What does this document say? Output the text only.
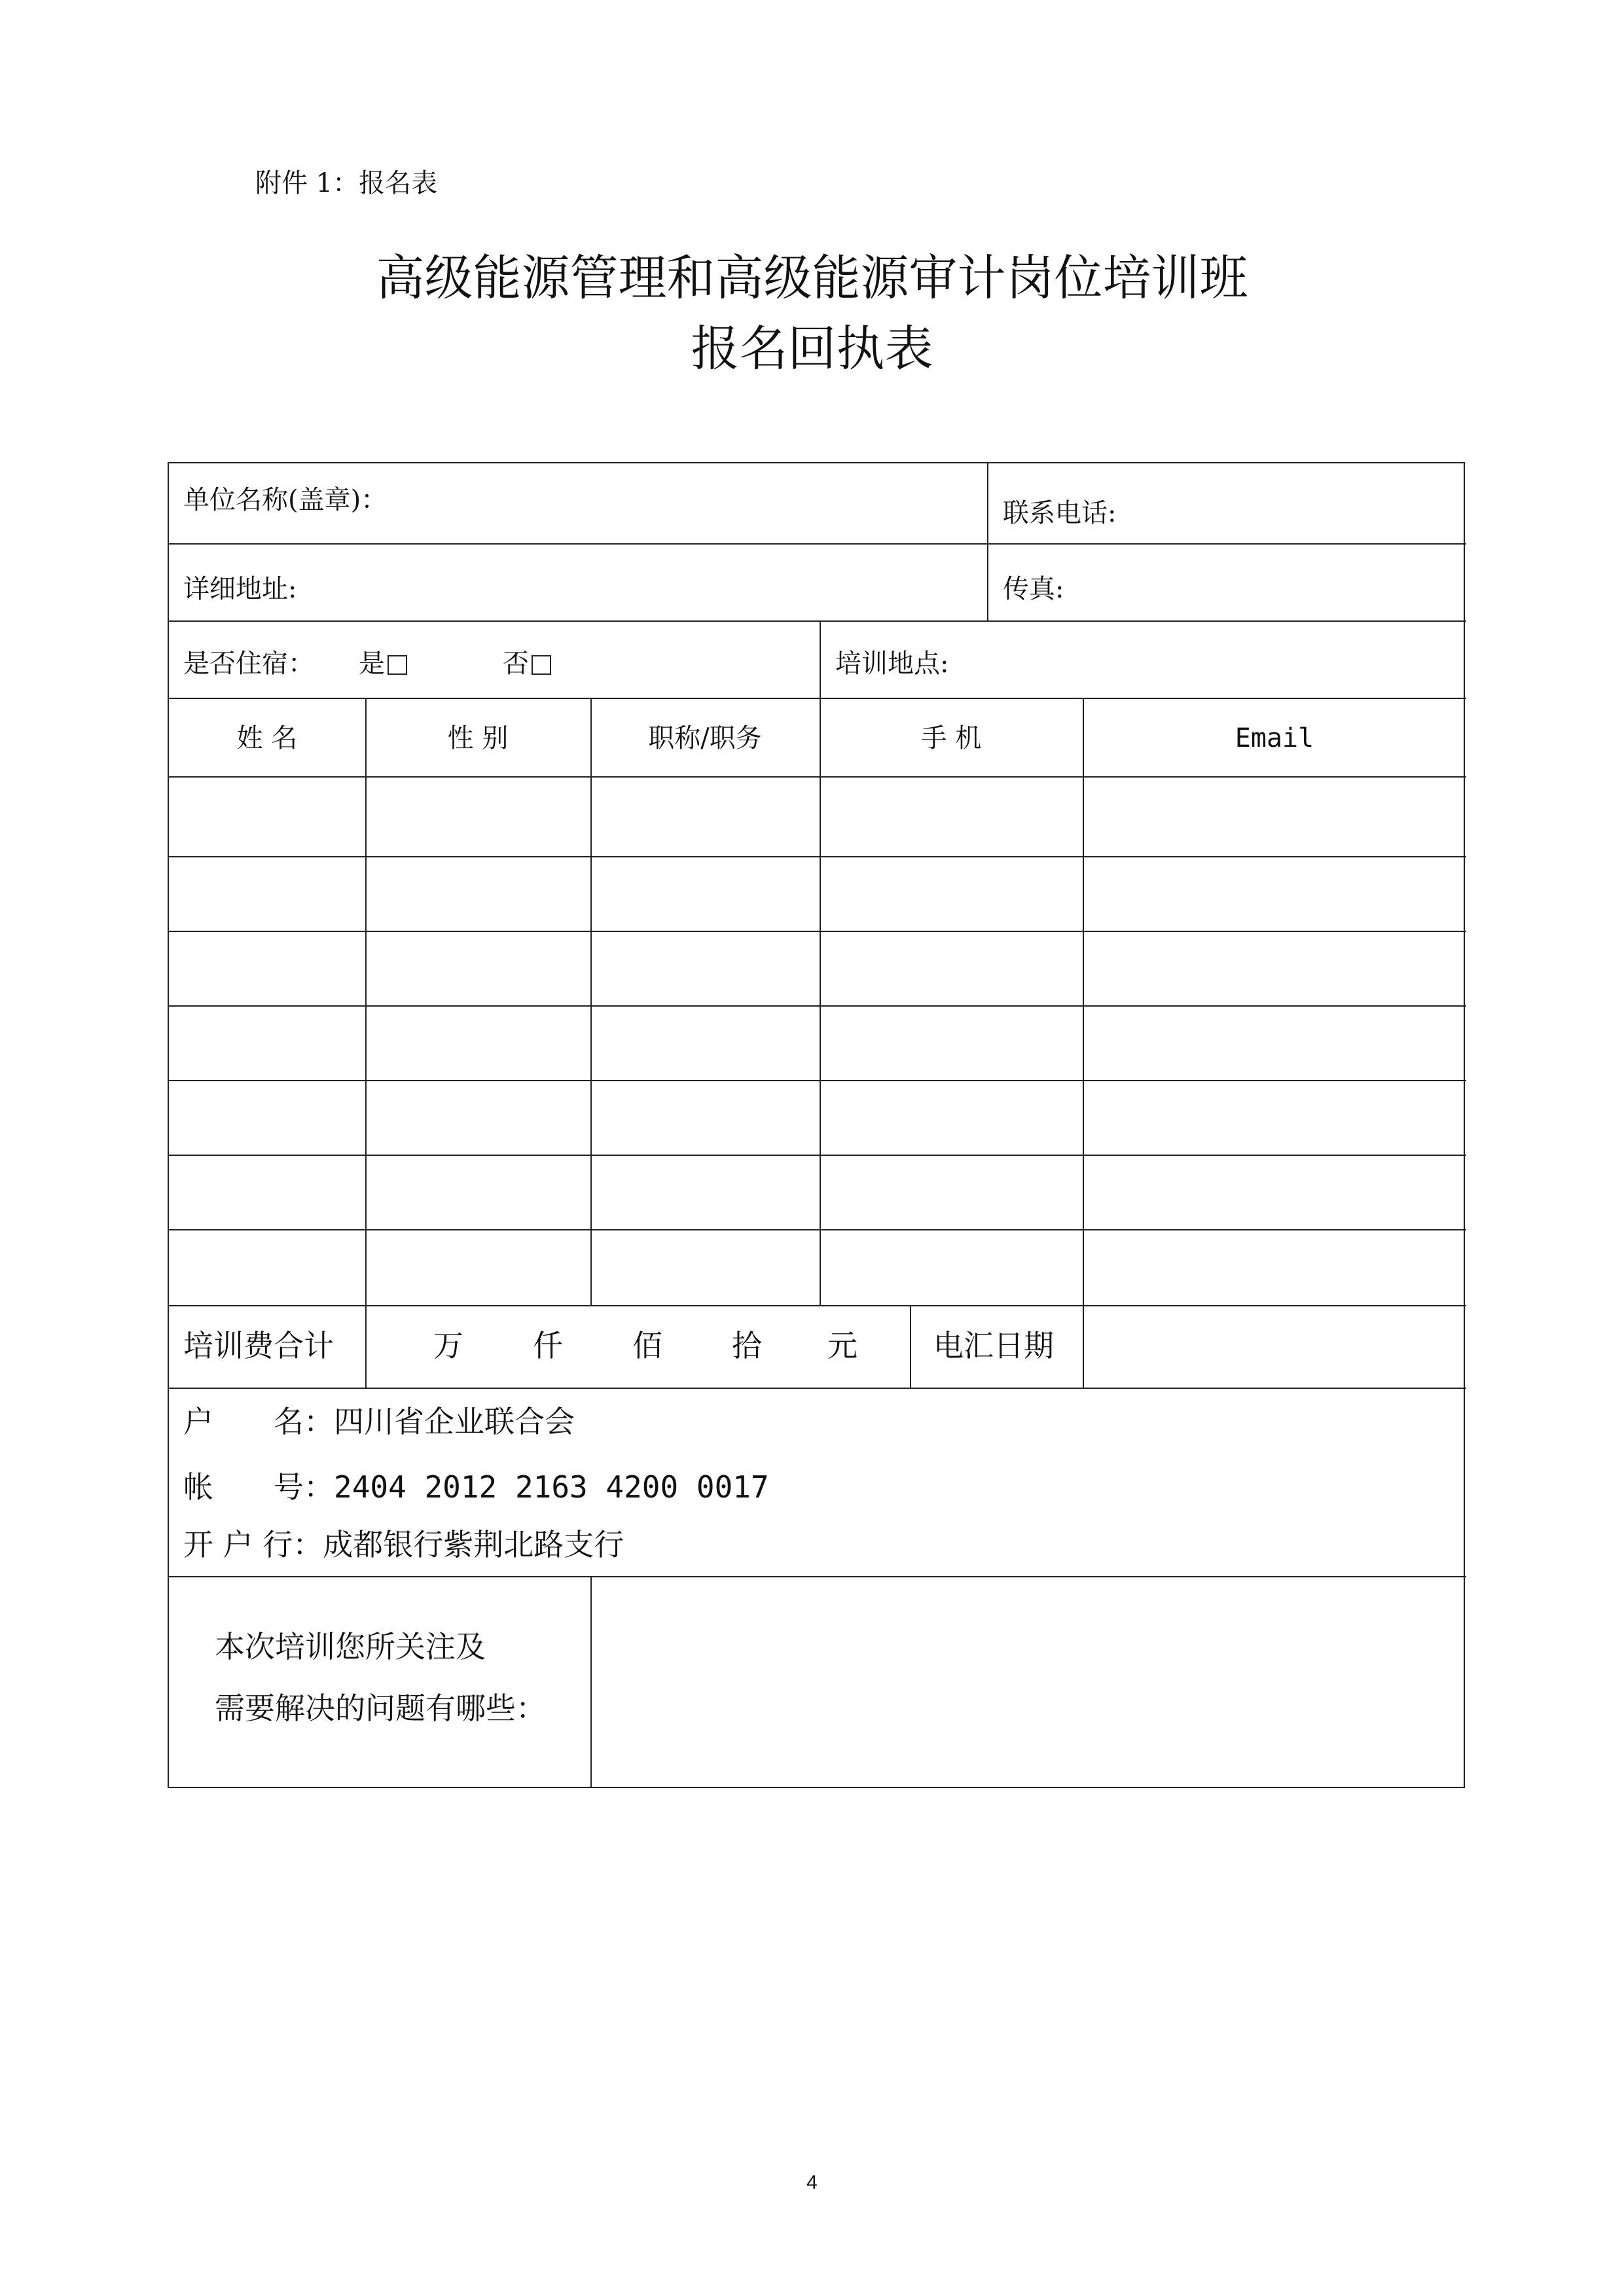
附件 1：报名表
高级能源管理和高级能源审计岗位培训班
报名回执表
单位名称(盖章)：	联系电话:
详细地址:	传真:
是否住宿： 是	否	培训地点:
姓 名	性 别	职称/职务	手 机	Email
培训费合计	万 仟 佰 拾 元	电汇日期
户　　名：四川省企业联合会
帐　　号：2404 2012 2163 4200 0017
开 户 行：成都银行紫荆北路支行
本次培训您所关注及
需要解决的问题有哪些：
4
